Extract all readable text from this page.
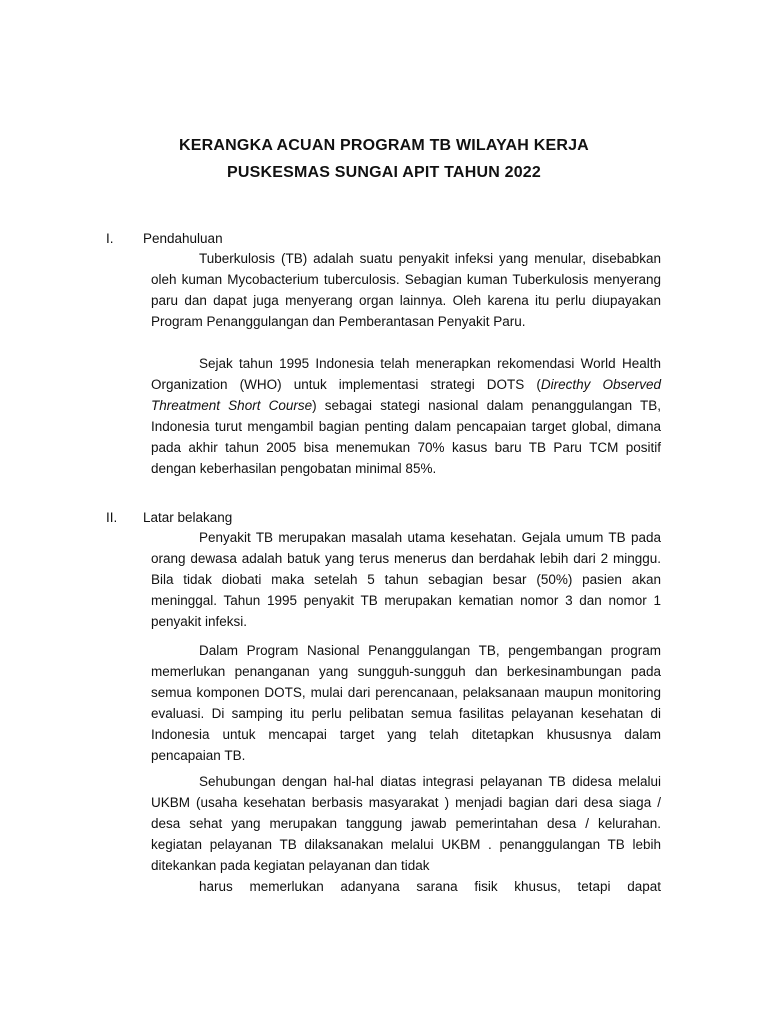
KERANGKA ACUAN PROGRAM TB WILAYAH KERJA
PUSKESMAS SUNGAI APIT TAHUN 2022
I. Pendahuluan

Tuberkulosis (TB) adalah suatu penyakit infeksi yang menular, disebabkan oleh kuman Mycobacterium tuberculosis. Sebagian kuman Tuberkulosis menyerang paru dan dapat juga menyerang organ lainnya. Oleh karena itu perlu diupayakan Program Penanggulangan dan Pemberantasan Penyakit Paru.

Sejak tahun 1995 Indonesia telah menerapkan rekomendasi World Health Organization (WHO) untuk implementasi strategi DOTS (Directhy Observed Threatment Short Course) sebagai stategi nasional dalam penanggulangan TB, Indonesia turut mengambil bagian penting dalam pencapaian target global, dimana pada akhir tahun 2005 bisa menemukan 70% kasus baru TB Paru TCM positif dengan keberhasilan pengobatan minimal 85%.

II. Latar belakang

Penyakit TB merupakan masalah utama kesehatan. Gejala umum TB pada orang dewasa adalah batuk yang terus menerus dan berdahak lebih dari 2 minggu. Bila tidak diobati maka setelah 5 tahun sebagian besar (50%) pasien akan meninggal. Tahun 1995 penyakit TB merupakan kematian nomor 3 dan nomor 1 penyakit infeksi.

Dalam Program Nasional Penanggulangan TB, pengembangan program memerlukan penanganan yang sungguh-sungguh dan berkesinambungan pada semua komponen DOTS, mulai dari perencanaan, pelaksanaan maupun monitoring evaluasi. Di samping itu perlu pelibatan semua fasilitas pelayanan kesehatan di Indonesia untuk mencapai target yang telah ditetapkan khususnya dalam pencapaian TB.

Sehubungan dengan hal-hal diatas integrasi pelayanan TB didesa melalui UKBM (usaha kesehatan berbasis masyarakat ) menjadi bagian dari desa siaga / desa sehat yang merupakan tanggung jawab pemerintahan desa / kelurahan. kegiatan pelayanan TB dilaksanakan melalui UKBM . penanggulangan TB lebih ditekankan pada kegiatan pelayanan dan tidak
harus memerlukan adanyana sarana fisik khusus, tetapi dapat
